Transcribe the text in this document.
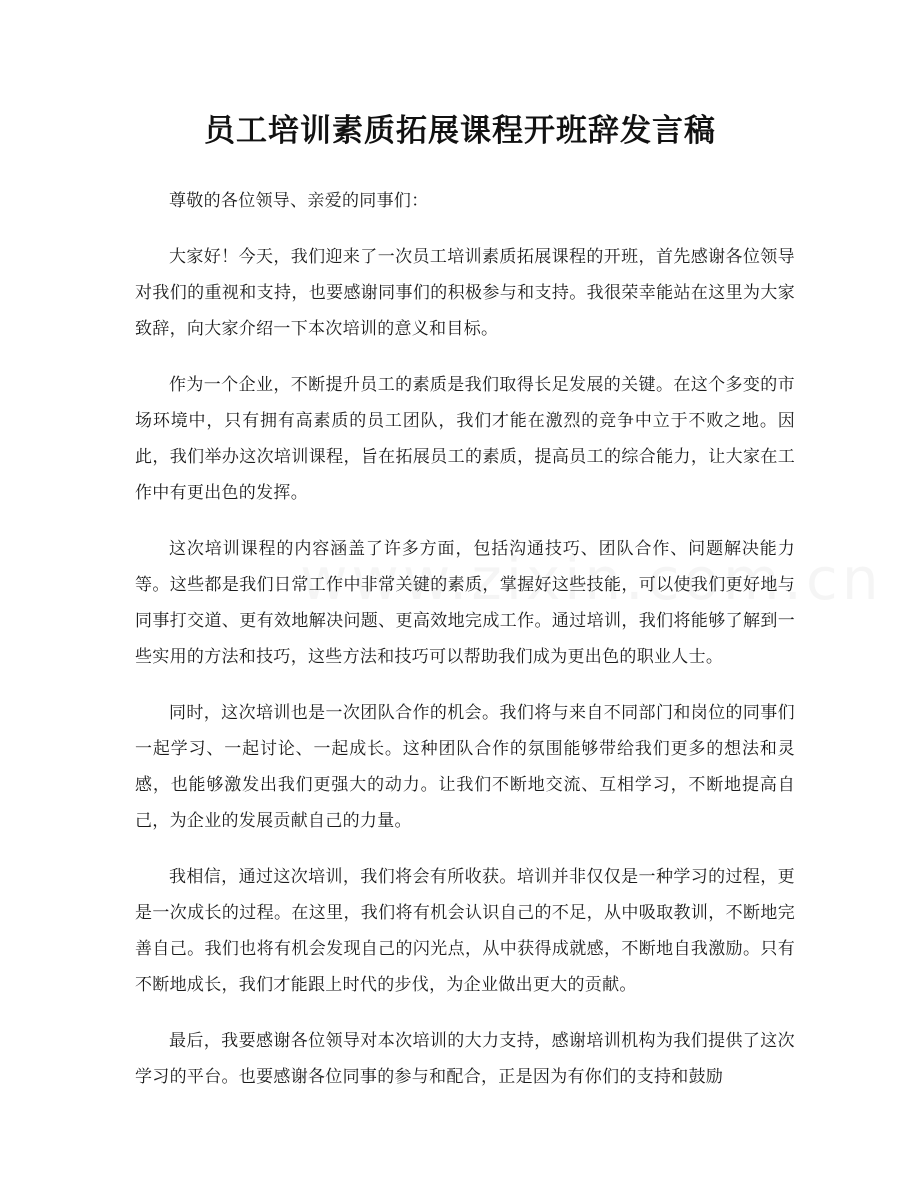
员工培训素质拓展课程开班辞发言稿

尊敬的各位领导、亲爱的同事们：

大家好！今天，我们迎来了一次员工培训素质拓展课程的开班，首先感谢各位领导对我们的重视和支持，也要感谢同事们的积极参与和支持。我很荣幸能站在这里为大家致辞，向大家介绍一下本次培训的意义和目标。

作为一个企业，不断提升员工的素质是我们取得长足发展的关键。在这个多变的市场环境中，只有拥有高素质的员工团队，我们才能在激烈的竞争中立于不败之地。因此，我们举办这次培训课程，旨在拓展员工的素质，提高员工的综合能力，让大家在工作中有更出色的发挥。

这次培训课程的内容涵盖了许多方面，包括沟通技巧、团队合作、问题解决能力等。这些都是我们日常工作中非常关键的素质，掌握好这些技能，可以使我们更好地与同事打交道、更有效地解决问题、更高效地完成工作。通过培训，我们将能够了解到一些实用的方法和技巧，这些方法和技巧可以帮助我们成为更出色的职业人士。

同时，这次培训也是一次团队合作的机会。我们将与来自不同部门和岗位的同事们一起学习、一起讨论、一起成长。这种团队合作的氛围能够带给我们更多的想法和灵感，也能够激发出我们更强大的动力。让我们不断地交流、互相学习，不断地提高自己，为企业的发展贡献自己的力量。

我相信，通过这次培训，我们将会有所收获。培训并非仅仅是一种学习的过程，更是一次成长的过程。在这里，我们将有机会认识自己的不足，从中吸取教训，不断地完善自己。我们也将有机会发现自己的闪光点，从中获得成就感，不断地自我激励。只有不断地成长，我们才能跟上时代的步伐，为企业做出更大的贡献。

最后，我要感谢各位领导对本次培训的大力支持，感谢培训机构为我们提供了这次学习的平台。也要感谢各位同事的参与和配合，正是因为有你们的支持和鼓励
